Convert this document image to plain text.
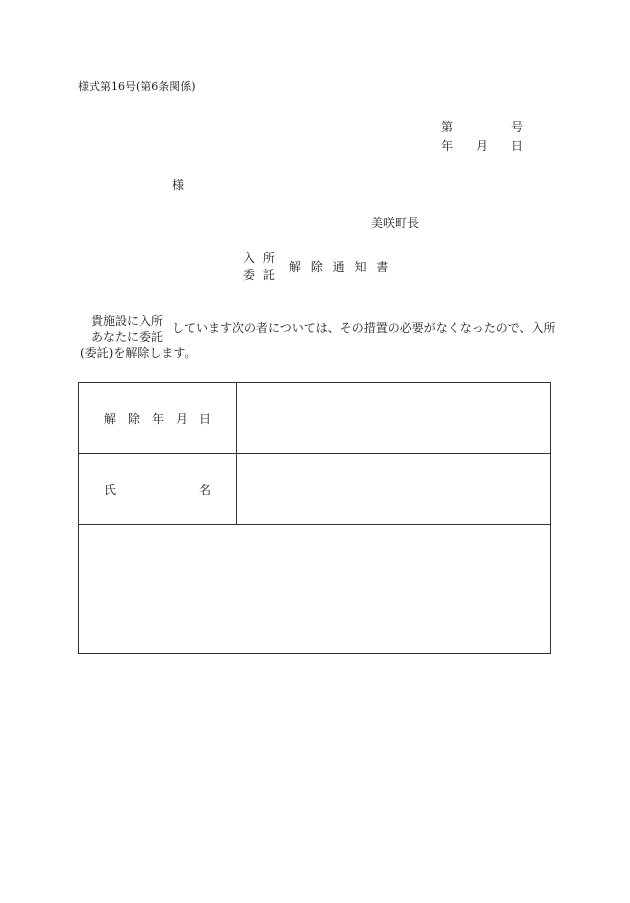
様式第16号(第6条関係)
第	号
年 月 日
様
美咲町長
入 所
委 託
解 除 通 知 書
貴施設に入所
あなたに委託
しています次の者については、その措置の必要がなくなったので、入所
(委託)を解除します。
解 除 年 月 日
氏	名
